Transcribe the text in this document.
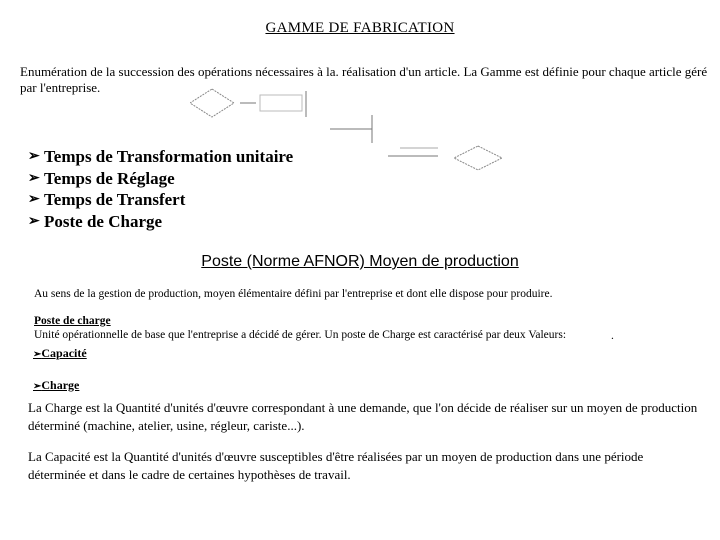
GAMME DE FABRICATION
Enumération de la succession des opérations nécessaires à la. réalisation d'un article. La Gamme est définie pour chaque article géré par l'entreprise.
➢ Temps de Transformation unitaire
➢ Temps de Réglage
➢ Temps de Transfert
➢ Poste de Charge
Poste (Norme AFNOR) Moyen de production
Au sens de la gestion de production, moyen élémentaire défini par l'entreprise et dont elle dispose pour produire.
Poste de charge
Unité opérationnelle de base que l'entreprise a décidé de gérer. Un poste de Charge est caractérisé par deux Valeurs:	.
➢Capacité
➢Charge
La Charge est la Quantité d'unités d'œuvre correspondant à une demande, que l'on décide de réaliser sur un moyen de production déterminé (machine, atelier, usine, régleur, cariste...).
La Capacité est la Quantité d'unités d'œuvre susceptibles d'être réalisées par un moyen de production dans une période déterminée et dans le cadre de certaines hypothèses de travail.
